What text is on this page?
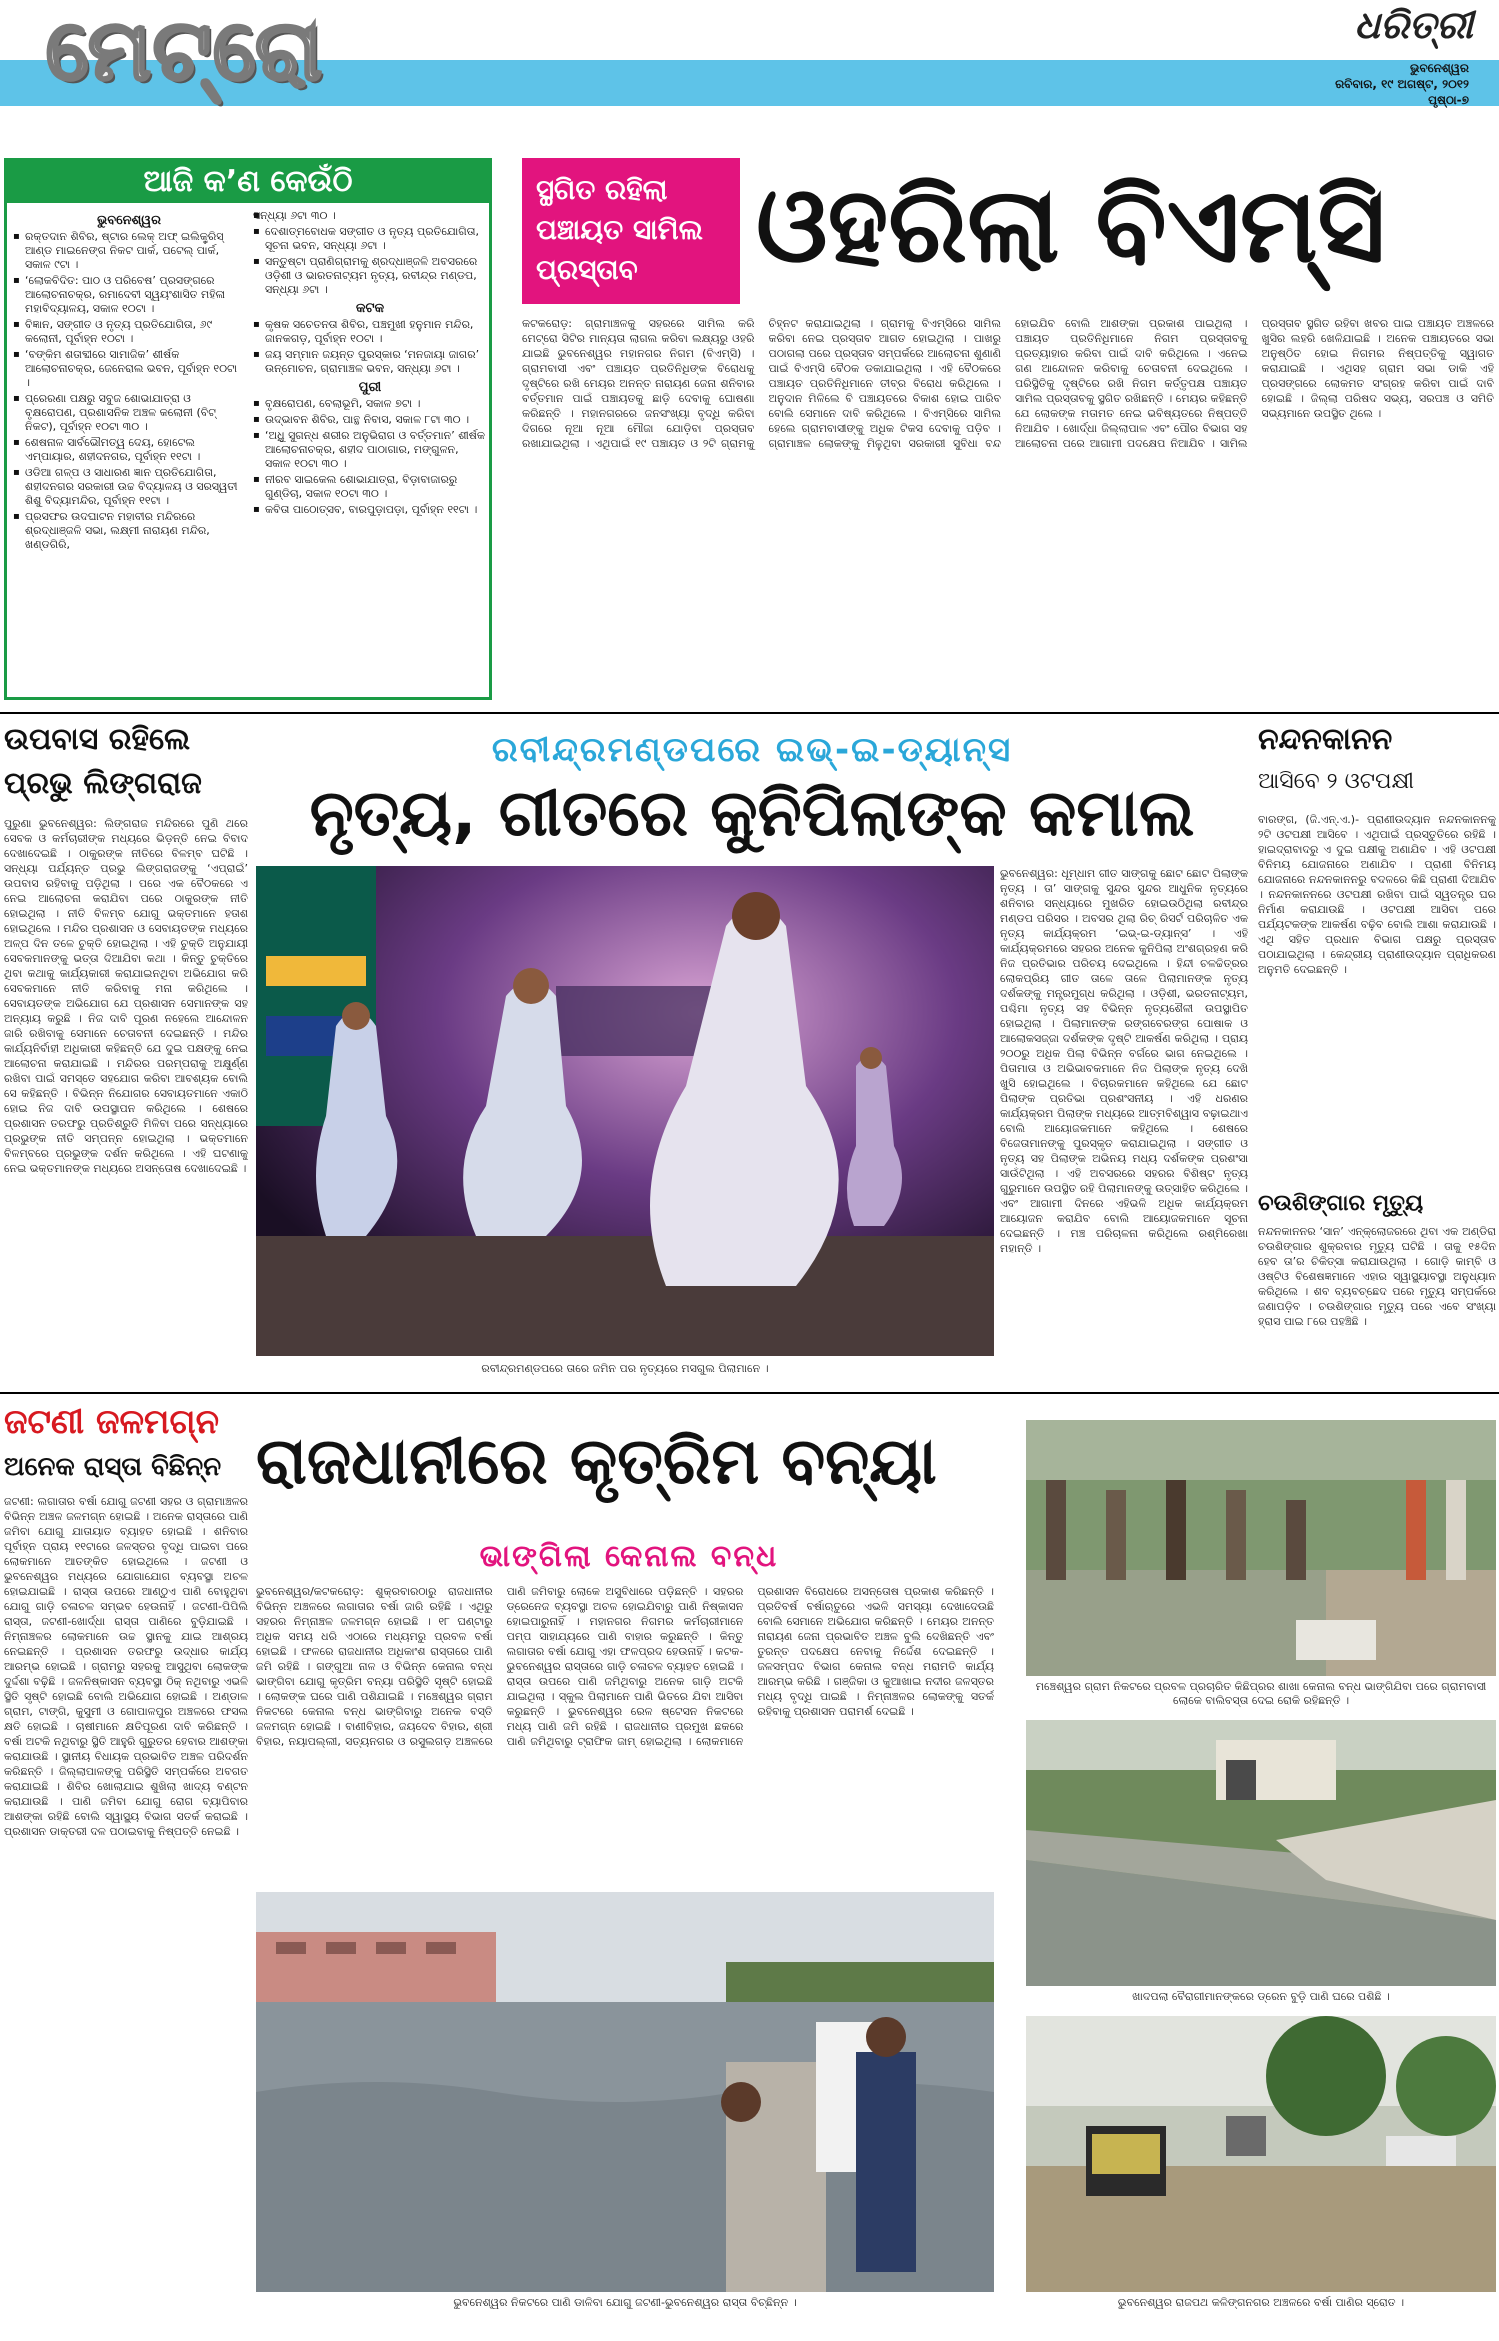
ମେଟ୍ରୋ	ଧରିତ୍ରୀ
ଭୁବନେଶ୍ୱର
ରବିବାର, ୧୯ ଅଗଷ୍ଟ, ୨୦୧୨
ପୃଷ୍ଠା-୭
ଆଜି କ’ଣ କେଉଁଠି
ଭୁବନେଶ୍ୱର
▪ ରକ୍ତଦାନ ଶିବିର, ଷ୍ଟାର ଲେକ୍ ଅଫ୍ ଇଲିକ୍ଟ୍ରିସ୍ ଆଣ୍ଡ ମାଇନେଙ୍ଗ ନିକଟ ପାର୍କ, ପଟେଲ୍ ପାର୍କ, ସକାଳ ୯ଟା ।
▪ ‘ଲୋକବିଦିତ: ପାଠ ଓ ପରିବେଷ’ ପ୍ରସଙ୍ଗରେ ଆଲୋଚନାଚକ୍ର, ରମାଦେବୀ ସ୍ୱୟଂଶାସିତ ମହିଳା ମହାବିଦ୍ୟାଳୟ, ସକାଳ ୧୦ଟା ।
▪ ବିଜ୍ଞାନ, ସଙ୍ଗୀତ ଓ ନୃତ୍ୟ ପ୍ରତିଯୋଗିତା, ୬୯ କଲୋନୀ, ପୂର୍ବାହ୍ନ ୧୦ଟା ।
▪ ‘ବଙ୍କିମ ଶତାବ୍ଦୀରେ ସାମାଜିକ’ ଶୀର୍ଷକ ଆଲୋଚନାଚକ୍ର, ଜେନେରାଲ ଭବନ, ପୂର୍ବାହ୍ନ ୧୦ଟା ।
▪ ପ୍ରେରଣା ପକ୍ଷରୁ ସବୁଜ ଶୋଭାଯାତ୍ରା ଓ ବୃକ୍ଷରୋପଣ, ପ୍ରଶାସନିକ ଅଞ୍ଚଳ କଲୋନୀ (ବିଟ୍ ନିକଟ), ପୂର୍ବାହ୍ନ ୧୦ଟା ୩୦ ।
▪ ଶେଷନାଳ ସାର୍ବଭୌମତ୍ୱ ଦେୟ, ହୋଟେଲ ଏମ୍ପାୟାର, ଶହୀଦନଗର, ପୂର୍ବାହ୍ନ ୧୧ଟା ।
▪ ଓଡିଆ ଗଳ୍ପ ଓ ସାଧାରଣ ଜ୍ଞାନ ପ୍ରତିଯୋଗିତା, ଶହୀଦନଗର ସରକାରୀ ଉଚ୍ଚ ବିଦ୍ୟାଳୟ ଓ ସରସ୍ୱତୀ ଶିଶୁ ବିଦ୍ୟାମନ୍ଦିର, ପୂର୍ବାହ୍ନ ୧୧ଟା ।
▪ ପ୍ରସଫର ଉଦଘାଟନ ମହାବୀର ମନ୍ଦିରରେ ଶ୍ରଦ୍ଧାଞ୍ଜଳି ସଭା, ଲକ୍ଷ୍ମୀ ନାରାୟଣ ମନ୍ଦିର, ଖଣ୍ଡଗିରି,
▪ ସନ୍ଧ୍ୟା ୬ଟା ୩୦ ।
▪ ଦେଶାତ୍ମବୋଧକ ସଙ୍ଗୀତ ଓ ନୃତ୍ୟ ପ୍ରତିଯୋଗିତା, ସୂଚନା ଭବନ, ସନ୍ଧ୍ୟା ୬ଟା ।
▪ ସନ୍ତୁଷ୍ଟା ପ୍ରାଣିଗ୍ରାମକୁ ଶ୍ରଦ୍ଧାଞ୍ଜଳି ଅବସରରେ ଓଡ଼ିଶୀ ଓ ଭାରତନାଟ୍ୟମ ନୃତ୍ୟ, ରବୀନ୍ଦ୍ର ମଣ୍ଡପ, ସନ୍ଧ୍ୟା ୬ଟା ।
କଟକ
▪ କୃଷକ ସଚେତନତା ଶିବିର, ପଞ୍ଚମୁଖୀ ହନୁମାନ ମନ୍ଦିର, ଜାନକଗଡ଼, ପୂର୍ବାହ୍ନ ୧୦ଟା ।
▪ ଜୟ ସମ୍ମାନ ଜୟନ୍ତ ପୁରସ୍କାର ‘ମନଜାୟା ଜାଗର’ ଉନ୍ମୋଚନ, ଗ୍ରାମାଞ୍ଚଳ ଭବନ, ସନ୍ଧ୍ୟା ୬ଟା ।
ପୁରୀ
▪ ବୃକ୍ଷରୋପଣ, ବେଲାଭୂମି, ସକାଳ ୭ଟା ।
▪ ଉଦ୍ଭାବନ ଶିବିର, ପାନ୍ଥ ନିବାସ, ସକାଳ ୮ଟା ୩୦ ।
▪ ‘ଅଧୁି ସୁଗନ୍ଧ ଶରୀର ଅନୁଭିରାଗ ଓ ବର୍ତ୍ତମାନ’ ଶୀର୍ଷକ ଆଲୋଚନାଚକ୍ର, ଶହୀଦ ପାଠାଗାର, ମଙ୍ଗୁଳନ, ସକାଳ ୧୦ଟା ୩୦ ।
▪ ନୀରବ ସାଇକେଲ ଶୋଭାଯାତ୍ରା, ବିଡ଼ାବାଜାରରୁ ଗୁଣ୍ଡିଚା, ସକାଳ ୧୦ଟା ୩୦ ।
▪ କବିତା ପାଠୋତ୍ସବ, ବାରପୁଡ଼ାପଡ଼ା, ପୂର୍ବାହ୍ନ ୧୧ଟା ।
ସ୍ଥଗିତ ରହିଲା ପଞ୍ଚାୟତ ସାମିଲ ପ୍ରସ୍ତାବ	ଓହରିଲା ବିଏମ୍‌ସି
କଟକରୋଡ଼: ଗ୍ରାମାଞ୍ଚଳକୁ ସହରରେ ସାମିଲ କରି ମେଟ୍ରୋ ସିଟିର ମାନ୍ୟତା ଲାଗଲ କରିବା ଲକ୍ଷ୍ୟରୁ ଓହରି ଯାଇଛି ଭୁବନେଶ୍ୱର ମହାନଗର ନିଗମ (ବିଏମ୍‌ସି) । ଗ୍ରାମବାସୀ ଏବଂ ପଞ୍ଚାୟତ ପ୍ରତିନିଧିଙ୍କ ବିରୋଧକୁ ଦୃଷ୍ଟିରେ ରଖି ମେୟର ଅନନ୍ତ ନାରାୟଣ ଜେନା ଶନିବାର ବର୍ତ୍ତମାନ ପାଇଁ ପଞ୍ଚାୟତକୁ ଛାଡ଼ି ଦେବାକୁ ଘୋଷଣା କରିଛନ୍ତି । ମହାନଗରରେ ଜନସଂଖ୍ୟା ବୃଦ୍ଧି କରିବା ଦିଗରେ ନୂଆ ନୂଆ ମୌଜା ଯୋଡ଼ିବା ପ୍ରସ୍ତାବ ରଖାଯାଇଥିଲା । ଏଥିପାଇଁ ୧୯ ପଞ୍ଚାୟତ ଓ ୨ଟି ଗ୍ରାମକୁ ଚିହ୍ନଟ କରାଯାଇଥିଲା । ଗ୍ରାମକୁ ବିଏମ୍‌ସିରେ ସାମିଲ କରିବା ନେଇ ପ୍ରସ୍ତାବ ଆଗତ ହୋଇଥିଲା । ପାଖରୁ ପଠାଗଲା ପରେ ପ୍ରସ୍ତାବ ସମ୍ପର୍କରେ ଆଲୋଚନା ଶୁଣାଣି ପାଇଁ ବିଏମ୍‌ସି ବୈଠକ ଡକାଯାଇଥିଲା । ଏହି ବୈଠକରେ ପଞ୍ଚାୟତ ପ୍ରତିନିଧିମାନେ ତୀବ୍ର ବିରୋଧ କରିଥିଲେ । ଅନୁଦାନ ମିଳିଲେ ବି ପଞ୍ଚାୟତରେ ବିକାଶ ହୋଇ ପାରିବ ବୋଲି ସେମାନେ ଦାବି କରିଥିଲେ । ବିଏମ୍‌ସିରେ ସାମିଲ ହେଲେ ଗ୍ରାମବାସୀଙ୍କୁ ଅଧିକ ଟିକସ ଦେବାକୁ ପଡ଼ିବ । ଗ୍ରାମାଞ୍ଚଳ ଲୋକଙ୍କୁ ମିଳୁଥିବା ସରକାରୀ ସୁବିଧା ବନ୍ଦ ହୋଇଯିବ ବୋଲି ଆଶଙ୍କା ପ୍ରକାଶ ପାଇଥିଲା । ପଞ୍ଚାୟତ ପ୍ରତିନିଧିମାନେ ନିଗମ ପ୍ରସ୍ତାବକୁ ପ୍ରତ୍ୟାହାର କରିବା ପାଇଁ ଦାବି କରିଥିଲେ । ଏନେଇ ଗଣ ଆନ୍ଦୋଳନ କରିବାକୁ ଚେତାବନୀ ଦେଇଥିଲେ । ପରିସ୍ଥିତିକୁ ଦୃଷ୍ଟିରେ ରଖି ନିଗମ କର୍ତ୍ତୃପକ୍ଷ ପଞ୍ଚାୟତ ସାମିଲ ପ୍ରସ୍ତାବକୁ ସ୍ଥଗିତ ରଖିଛନ୍ତି । ମେୟର କହିଛନ୍ତି ଯେ ଲୋକଙ୍କ ମତାମତ ନେଇ ଭବିଷ୍ୟତରେ ନିଷ୍ପତ୍ତି ନିଆଯିବ । ଖୋର୍ଦ୍ଧା ଜିଲ୍ଲାପାଳ ଏବଂ ପୌର ବିଭାଗ ସହ ଆଲୋଚନା ପରେ ଆଗାମୀ ପଦକ୍ଷେପ ନିଆଯିବ । ସାମିଲ ପ୍ରସ୍ତାବ ସ୍ଥଗିତ ରହିବା ଖବର ପାଇ ପଞ୍ଚାୟତ ଅଞ୍ଚଳରେ ଖୁସିର ଲହରି ଖେଳିଯାଇଛି । ଅନେକ ପଞ୍ଚାୟତରେ ସଭା ଅନୁଷ୍ଠିତ ହୋଇ ନିଗମର ନିଷ୍ପତ୍ତିକୁ ସ୍ୱାଗତ କରାଯାଇଛି । ଏଥିସହ ଗ୍ରାମ ସଭା ଡାକି ଏହି ପ୍ରସଙ୍ଗରେ ଲୋକମତ ସଂଗ୍ରହ କରିବା ପାଇଁ ଦାବି ହୋଇଛି । ଜିଲ୍ଲା ପରିଷଦ ସଭ୍ୟ, ସରପଞ୍ଚ ଓ ସମିତି ସଭ୍ୟମାନେ ଉପସ୍ଥିତ ଥିଲେ ।
ଉପବାସ ରହିଲେ ପ୍ରଭୁ ଲିଙ୍ଗରାଜ
ପୁରୁଣା ଭୁବନେଶ୍ୱର: ଲିଙ୍ଗରାଜ ମନ୍ଦିରରେ ପୁଣି ଥରେ ସେବକ ଓ କର୍ମଚାରୀଙ୍କ ମଧ୍ୟରେ ଭିଡ଼ନ୍ତି ନେଇ ବିବାଦ ଦେଖାଦେଇଛି । ଠାକୁରଙ୍କ ନୀତିରେ ବିଳମ୍ବ ଘଟିଛି । ସନ୍ଧ୍ୟା ପର୍ଯ୍ୟନ୍ତ ପ୍ରଭୁ ଲିଙ୍ଗରାଜଙ୍କୁ ‘ଏପ୍ରାଇଁ’ ଉପବାସ ରହିବାକୁ ପଡ଼ିଥିଲା । ପରେ ଏକ ବୈଠକରେ ଏ ନେଇ ଆଲୋଚନା କରାଯିବା ପରେ ଠାକୁରଙ୍କ ନୀତି ହୋଇଥିଲା । ନୀତି ବିଳମ୍ବ ଯୋଗୁ ଭକ୍ତମାନେ ହତାଶ ହୋଇଥିଲେ । ମନ୍ଦିର ପ୍ରଶାସନ ଓ ସେବାୟତଙ୍କ ମଧ୍ୟରେ ଅଳ୍ପ ଦିନ ତଳେ ଚୁକ୍ତି ହୋଇଥିଲା । ଏହି ଚୁକ୍ତି ଅନୁଯାୟୀ ସେବକମାନଙ୍କୁ ଭତ୍ତା ଦିଆଯିବା କଥା । କିନ୍ତୁ ଚୁକ୍ତିରେ ଥିବା କଥାକୁ କାର୍ଯ୍ୟକାରୀ କରାଯାଇନଥିବା ଅଭିଯୋଗ କରି ସେବକମାନେ ନୀତି କରିବାକୁ ମନା କରିଥିଲେ । ସେବାୟତଙ୍କ ଅଭିଯୋଗ ଯେ ପ୍ରଶାସନ ସେମାନଙ୍କ ସହ ଅନ୍ୟାୟ କରୁଛି । ନିଜ ଦାବି ପୂରଣ ନହେଲେ ଆନ୍ଦୋଳନ ଜାରି ରଖିବାକୁ ସେମାନେ ଚେତାବନୀ ଦେଇଛନ୍ତି । ମନ୍ଦିର କାର୍ଯ୍ୟନିର୍ବାହୀ ଅଧିକାରୀ କହିଛନ୍ତି ଯେ ଦୁଇ ପକ୍ଷଙ୍କୁ ନେଇ ଆଲୋଚନା କରାଯାଇଛି । ମନ୍ଦିରର ପରମ୍ପରାକୁ ଅକ୍ଷୁର୍ଣ୍ଣ ରଖିବା ପାଇଁ ସମସ୍ତେ ସହଯୋଗ କରିବା ଆବଶ୍ୟକ ବୋଲି ସେ କହିଛନ୍ତି । ବିଭିନ୍ନ ନିଯୋଗର ସେବାୟତମାନେ ଏକାଠି ହୋଇ ନିଜ ଦାବି ଉପସ୍ଥାପନ କରିଥିଲେ । ଶେଷରେ ପ୍ରଶାସନ ତରଫରୁ ପ୍ରତିଶ୍ରୁତି ମିଳିବା ପରେ ସନ୍ଧ୍ୟାରେ ପ୍ରଭୁଙ୍କ ନୀତି ସମ୍ପନ୍ନ ହୋଇଥିଲା । ଭକ୍ତମାନେ ବିଳମ୍ବରେ ପ୍ରଭୁଙ୍କ ଦର୍ଶନ କରିଥିଲେ । ଏହି ଘଟଣାକୁ ନେଇ ଭକ୍ତମାନଙ୍କ ମଧ୍ୟରେ ଅସନ୍ତୋଷ ଦେଖାଦେଇଛି ।
ରବୀନ୍ଦ୍ରମଣ୍ଡପରେ ଇଭ୍-ଇ-ଡ୍ୟାନ୍ସ
ନୃତ୍ୟ, ଗୀତରେ କୁନିପିଲାଙ୍କ କମାଲ
ରବୀନ୍ଦ୍ରମଣ୍ଡପରେ ତାରେ ଜମିନ ପର ନୃତ୍ୟରେ ମସଗୁଲ ପିଲାମାନେ ।
ଭୁବନେଶ୍ୱର: ଧୂମ୍‌ଧାମ ଗୀତ ସାଙ୍ଗକୁ ଛୋଟ ଛୋଟ ପିଲାଙ୍କ ନୃତ୍ୟ । ତା’ ସାଙ୍ଗକୁ ସୁନ୍ଦର ସୁନ୍ଦର ଆଧୁନିକ ନୃତ୍ୟରେ ଶନିବାର ସନ୍ଧ୍ୟାରେ ମୁଖରିତ ହୋଇଉଠିଥିଲା ରବୀନ୍ଦ୍ର ମଣ୍ଡପ ପରିସର । ଅବସର ଥିଲା ରିଚ୍ ରିସର୍ଟ ପରିଚାଳିତ ଏକ ନୃତ୍ୟ କାର୍ଯ୍ୟକ୍ରମ ‘ଇଭ୍-ଇ-ଡ୍ୟାନ୍ସ’ । ଏହି କାର୍ଯ୍ୟକ୍ରମରେ ସହରର ଅନେକ କୁନିପିଲା ଅଂଶଗ୍ରହଣ କରି ନିଜ ପ୍ରତିଭାର ପରିଚୟ ଦେଇଥିଲେ । ହିନ୍ଦୀ ଚଳଚ୍ଚିତ୍ରର ଲୋକପ୍ରିୟ ଗୀତ ତାଳେ ତାଳେ ପିଲାମାନଙ୍କ ନୃତ୍ୟ ଦର୍ଶକଙ୍କୁ ମନ୍ତ୍ରମୁଗ୍ଧ କରିଥିଲା । ଓଡ଼ିଶୀ, ଭରତନାଟ୍ୟମ, ପଶ୍ଚିମା ନୃତ୍ୟ ସହ ବିଭିନ୍ନ ନୃତ୍ୟଶୈଳୀ ଉପସ୍ଥାପିତ ହୋଇଥିଲା । ପିଲାମାନଙ୍କ ରଙ୍ଗବେରଙ୍ଗ ପୋଷାକ ଓ ଆଲୋକସଜ୍ଜା ଦର୍ଶକଙ୍କ ଦୃଷ୍ଟି ଆକର୍ଷଣ କରିଥିଲା । ପ୍ରାୟ ୨୦୦ରୁ ଅଧିକ ପିଲା ବିଭିନ୍ନ ବର୍ଗରେ ଭାଗ ନେଇଥିଲେ । ପିତାମାତା ଓ ଅଭିଭାବକମାନେ ନିଜ ପିଲାଙ୍କ ନୃତ୍ୟ ଦେଖି ଖୁସି ହୋଇଥିଲେ । ବିଚାରକମାନେ କହିଥିଲେ ଯେ ଛୋଟ ପିଲାଙ୍କ ପ୍ରତିଭା ପ୍ରଶଂସନୀୟ । ଏହି ଧରଣର କାର୍ଯ୍ୟକ୍ରମ ପିଲାଙ୍କ ମଧ୍ୟରେ ଆତ୍ମବିଶ୍ୱାସ ବଢ଼ାଇଥାଏ ବୋଲି ଆୟୋଜକମାନେ କହିଥିଲେ । ଶେଷରେ ବିଜେତାମାନଙ୍କୁ ପୁରସ୍କୃତ କରାଯାଇଥିଲା । ସଙ୍ଗୀତ ଓ ନୃତ୍ୟ ସହ ପିଲାଙ୍କ ଅଭିନୟ ମଧ୍ୟ ଦର୍ଶକଙ୍କ ପ୍ରଶଂସା ସାଉଁଟିଥିଲା । ଏହି ଅବସରରେ ସହରର ବିଶିଷ୍ଟ ନୃତ୍ୟ ଗୁରୁମାନେ ଉପସ୍ଥିତ ରହି ପିଲାମାନଙ୍କୁ ଉତ୍ସାହିତ କରିଥିଲେ । ଏବଂ ଆଗାମୀ ଦିନରେ ଏହିଭଳି ଅଧିକ କାର୍ଯ୍ୟକ୍ରମ ଆୟୋଜନ କରାଯିବ ବୋଲି ଆୟୋଜକମାନେ ସୂଚନା ଦେଇଛନ୍ତି । ମଞ୍ଚ ପରିଚାଳନା କରିଥିଲେ ରଶ୍ମିରେଖା ମହାନ୍ତି ।
ନନ୍ଦନକାନନ
ଆସିବେ ୨ ଓଟପକ୍ଷୀ
ବାରଙ୍ଗ, (ଜି.ଏନ୍.ଏ.)- ପ୍ରାଣୀଉଦ୍ୟାନ ନନ୍ଦନକାନନକୁ ୨ଟି ଓଟପକ୍ଷୀ ଆସିବେ । ଏଥିପାଇଁ ପ୍ରସ୍ତୁତିରେ ରହିଛି । ହାଇଦ୍ରାବାଦରୁ ଏ ଦୁଇ ପକ୍ଷୀକୁ ଅଣାଯିବ । ଏହି ଓଟପକ୍ଷୀ ବିନିମୟ ଯୋଜନାରେ ଅଣାଯିବ । ପ୍ରାଣୀ ବିନିମୟ ଯୋଜନାରେ ନନ୍ଦନକାନନରୁ ବଦଳରେ କିଛି ପ୍ରାଣୀ ଦିଆଯିବ । ନନ୍ଦନକାନନରେ ଓଟପକ୍ଷୀ ରଖିବା ପାଇଁ ସ୍ୱତନ୍ତ୍ର ଘର ନିର୍ମାଣ କରାଯାଉଛି । ଓଟପକ୍ଷୀ ଆସିବା ପରେ ପର୍ଯ୍ୟଟକଙ୍କ ଆକର୍ଷଣ ବଢ଼ିବ ବୋଲି ଆଶା କରାଯାଉଛି । ଏଥି ସହିତ ପ୍ରଧାନ ବିଭାଗ ପକ୍ଷରୁ ପ୍ରସ୍ତାବ ପଠାଯାଇଥିଲା । କେନ୍ଦ୍ରୀୟ ପ୍ରାଣୀଉଦ୍ୟାନ ପ୍ରାଧିକରଣ ଅନୁମତି ଦେଇଛନ୍ତି ।
ଚଉଶିଙ୍ଗାର ମୃତ୍ୟୁ
ନନ୍ଦନକାନନର ‘ସାନ’ ଏନ୍‌କ୍ଲୋଜରରେ ଥିବା ଏକ ଅଣ୍ଡିରା ଚଉଶିଙ୍ଗାର ଶୁକ୍ରବାର ମୃତ୍ୟୁ ଘଟିଛି । ତାକୁ ୧୫ଦିନ ହେବ ତା’ର ଚିକିତ୍ସା କରାଯାଉଥିଲା । ଗୋଡ଼ି କାମ୍ବି ଓ ଓଷ୍ଟିଓ ବିଶେଷଜ୍ଞମାନେ ଏହାର ସ୍ୱାସ୍ଥ୍ୟାବସ୍ଥା ଅନୁଧ୍ୟାନ କରିଥିଲେ । ଶବ ବ୍ୟବଚ୍ଛେଦ ପରେ ମୃତ୍ୟୁ ସମ୍ପର୍କରେ ଜଣାପଡ଼ିବ । ଚଉଶିଙ୍ଗାର ମୃତ୍ୟୁ ପରେ ଏବେ ସଂଖ୍ୟା ହ୍ରାସ ପାଇ ୮ରେ ପହଞ୍ଚିଛି ।
ଜଟଣୀ ଜଳମଗ୍ନ
ଅନେକ ରାସ୍ତା ବିଛିନ୍ନ
ଜଟଣୀ: ଲଗାତାର ବର୍ଷା ଯୋଗୁ ଜଟଣୀ ସହର ଓ ଗ୍ରାମାଞ୍ଚଳର ବିଭିନ୍ନ ଅଞ୍ଚଳ ଜଳମଗ୍ନ ହୋଇଛି । ଅନେକ ରାସ୍ତାରେ ପାଣି ଜମିବା ଯୋଗୁ ଯାତାୟାତ ବ୍ୟାହତ ହୋଇଛି । ଶନିବାର ପୂର୍ବାହ୍ନ ପ୍ରାୟ ୧୧ଟାରେ ଜଳସ୍ତର ବୃଦ୍ଧି ପାଇବା ପରେ ଲୋକମାନେ ଆତଙ୍କିତ ହୋଇଥିଲେ । ଜଟଣୀ ଓ ଭୁବନେଶ୍ୱର ମଧ୍ୟରେ ଯୋଗାଯୋଗ ବ୍ୟବସ୍ଥା ଅଚଳ ହୋଇଯାଇଛି । ରାସ୍ତା ଉପରେ ଆଣ୍ଠୁଏ ପାଣି ବୋହୁଥିବା ଯୋଗୁ ଗାଡ଼ି ଚଳାଚଳ ସମ୍ଭବ ହେଉନାହିଁ । ଜଟଣୀ-ପିପିଲି ରାସ୍ତା, ଜଟଣୀ-ଖୋର୍ଦ୍ଧା ରାସ୍ତା ପାଣିରେ ବୁଡ଼ିଯାଇଛି । ନିମ୍ନାଞ୍ଚଳର ଲୋକମାନେ ଉଚ୍ଚ ସ୍ଥାନକୁ ଯାଇ ଆଶ୍ରୟ ନେଇଛନ୍ତି । ପ୍ରଶାସନ ତରଫରୁ ଉଦ୍ଧାର କାର୍ଯ୍ୟ ଆରମ୍ଭ ହୋଇଛି । ଗ୍ରାମରୁ ସହରକୁ ଆସୁଥିବା ଲୋକଙ୍କ ଦୁର୍ଦ୍ଦଶା ବଢ଼ିଛି । ଜଳନିଷ୍କାସନ ବ୍ୟବସ୍ଥା ଠିକ୍ ନଥିବାରୁ ଏଭଳି ସ୍ଥିତି ସୃଷ୍ଟି ହୋଇଛି ବୋଲି ଅଭିଯୋଗ ହୋଇଛି । ଅଣ୍ଡାଳ ଗ୍ରାମ, ଟାଙ୍ଗି, କୁସୁମୀ ଓ ଗୋପାଳପୁର ଅଞ୍ଚଳରେ ଫସଲ କ୍ଷତି ହୋଇଛି । ଚାଷୀମାନେ କ୍ଷତିପୂରଣ ଦାବି କରିଛନ୍ତି । ବର୍ଷା ଅଟକି ନଥିବାରୁ ସ୍ଥିତି ଆହୁରି ଗୁରୁତର ହେବାର ଆଶଙ୍କା କରାଯାଉଛି । ସ୍ଥାନୀୟ ବିଧାୟକ ପ୍ରଭାବିତ ଅଞ୍ଚଳ ପରିଦର୍ଶନ କରିଛନ୍ତି । ଜିଲ୍ଲାପାଳଙ୍କୁ ପରିସ୍ଥିତି ସମ୍ପର୍କରେ ଅବଗତ କରାଯାଇଛି । ଶିବିର ଖୋଲାଯାଇ ଶୁଖିଲା ଖାଦ୍ୟ ବଣ୍ଟନ କରାଯାଉଛି । ପାଣି ଜମିବା ଯୋଗୁ ରୋଗ ବ୍ୟାପିବାର ଆଶଙ୍କା ରହିଛି ବୋଲି ସ୍ୱାସ୍ଥ୍ୟ ବିଭାଗ ସତର୍କ କରାଇଛି । ପ୍ରଶାସନ ଡାକ୍ତରୀ ଦଳ ପଠାଇବାକୁ ନିଷ୍ପତ୍ତି ନେଇଛି ।
ରାଜଧାନୀରେ କୃତ୍ରିମ ବନ୍ୟା
ଭାଙ୍ଗିଲା କେନାଲ ବନ୍ଧ
ଭୁବନେଶ୍ୱର/କଟକରୋଡ଼: ଶୁକ୍ରବାରଠାରୁ ରାଜଧାନୀର ବିଭିନ୍ନ ଅଞ୍ଚଳରେ ଲଗାତାର ବର୍ଷା ଜାରି ରହିଛି । ଏଥିରୁ ସହରର ନିମ୍ନାଞ୍ଚଳ ଜଳମଗ୍ନ ହୋଇଛି । ୧୮ ଘଣ୍ଟାରୁ ଅଧିକ ସମୟ ଧରି ଏଠାରେ ମଧ୍ୟମରୁ ପ୍ରବଳ ବର୍ଷା ହୋଇଛି । ଫଳରେ ରାଜଧାନୀର ଅଧିକାଂଶ ରାସ୍ତାରେ ପାଣି ଜମି ରହିଛି । ଗଙ୍ଗୁଆ ନାଳ ଓ ବିଭିନ୍ନ କେନାଲ ବନ୍ଧ ଭାଙ୍ଗିବା ଯୋଗୁ କୃତ୍ରିମ ବନ୍ୟା ପରିସ୍ଥିତି ସୃଷ୍ଟି ହୋଇଛି । ଲୋକଙ୍କ ଘରେ ପାଣି ପଶିଯାଇଛି । ମଞ୍ଚେଶ୍ୱର ଗ୍ରାମ ନିକଟରେ କେନାଲ ବନ୍ଧ ଭାଙ୍ଗିବାରୁ ଅନେକ ବସ୍ତି ଜଳମଗ୍ନ ହୋଇଛି । ବାଣୀବିହାର, ଜୟଦେବ ବିହାର, ଶ୍ରୀ ବିହାର, ନୟାପଲ୍ଲୀ, ସତ୍ୟନଗର ଓ ରସୁଲଗଡ଼ ଅଞ୍ଚଳରେ ପାଣି ଜମିବାରୁ ଲୋକେ ଅସୁବିଧାରେ ପଡ଼ିଛନ୍ତି । ସହରର ଡ୍ରେନେଜ ବ୍ୟବସ୍ଥା ଅଚଳ ହୋଇଯିବାରୁ ପାଣି ନିଷ୍କାସନ ହୋଇପାରୁନାହିଁ । ମହାନଗର ନିଗମର କର୍ମଚାରୀମାନେ ପମ୍ପ ସାହାଯ୍ୟରେ ପାଣି ବାହାର କରୁଛନ୍ତି । କିନ୍ତୁ ଲଗାତାର ବର୍ଷା ଯୋଗୁ ଏହା ଫଳପ୍ରଦ ହେଉନାହିଁ । କଟକ-ଭୁବନେଶ୍ୱର ରାସ୍ତାରେ ଗାଡ଼ି ଚଳାଚଳ ବ୍ୟାହତ ହୋଇଛି । ରାସ୍ତା ଉପରେ ପାଣି ଜମିଥିବାରୁ ଅନେକ ଗାଡ଼ି ଅଟକି ଯାଇଥିଲା । ସ୍କୁଲ ପିଲାମାନେ ପାଣି ଭିତରେ ଯିବା ଆସିବା କରୁଛନ୍ତି । ଭୁବନେଶ୍ୱର ରେଳ ଷ୍ଟେସନ ନିକଟରେ ମଧ୍ୟ ପାଣି ଜମି ରହିଛି । ରାଜଧାନୀର ପ୍ରମୁଖ ଛକରେ ପାଣି ଜମିଥିବାରୁ ଟ୍ରାଫିକ ଜାମ୍ ହୋଇଥିଲା । ଲୋକମାନେ ପ୍ରଶାସନ ବିରୋଧରେ ଅସନ୍ତୋଷ ପ୍ରକାଶ କରିଛନ୍ତି । ପ୍ରତିବର୍ଷ ବର୍ଷାଋତୁରେ ଏଭଳି ସମସ୍ୟା ଦେଖାଦେଉଛି ବୋଲି ସେମାନେ ଅଭିଯୋଗ କରିଛନ୍ତି । ମେୟର ଅନନ୍ତ ନାରାୟଣ ଜେନା ପ୍ରଭାବିତ ଅଞ୍ଚଳ ବୁଲି ଦେଖିଛନ୍ତି ଏବଂ ତୁରନ୍ତ ପଦକ୍ଷେପ ନେବାକୁ ନିର୍ଦ୍ଦେଶ ଦେଇଛନ୍ତି । ଜଳସମ୍ପଦ ବିଭାଗ କେନାଲ ବନ୍ଧ ମରାମତି କାର୍ଯ୍ୟ ଆରମ୍ଭ କରିଛି । ଗଞ୍ଜିକା ଓ କୁଆଖାଇ ନଦୀର ଜଳସ୍ତର ମଧ୍ୟ ବୃଦ୍ଧି ପାଇଛି । ନିମ୍ନାଞ୍ଚଳର ଲୋକଙ୍କୁ ସତର୍କ ରହିବାକୁ ପ୍ରଶାସନ ପରାମର୍ଶ ଦେଇଛି ।
ଭୁବନେଶ୍ୱର ନିକଟରେ ପାଣି ଡାଳିବା ଯୋଗୁ ଜଟଣୀ-ଭୁବନେଶ୍ୱର ରାସ୍ତା ବିଚ୍ଛିନ୍ନ ।
ମଞ୍ଚେଶ୍ୱର ଗ୍ରାମ ନିକଟରେ ପ୍ରବଳ ପ୍ରଚାରିତ କିଛିପ୍ରର ଶାଖା କେନାଲ ବନ୍ଧ ଭାଙ୍ଗିଯିବା ପରେ ଗ୍ରାମବାସୀ ଲୋକେ ବାଲିବସ୍ତା ଦେଇ ରୋକି ରହିଛନ୍ତି ।
ଖାଦପଲା ବୈରାଗୀମାନଙ୍କରେ ଡ୍ରେନ ବୁଡ଼ି ପାଣି ଘରେ ପଶିଛି ।
ଭୁବନେଶ୍ୱର ରାଜପଥ କଳିଙ୍ଗନଗର ଅଞ୍ଚଳରେ ବର୍ଷା ପାଣିର ସ୍ରୋତ ।
